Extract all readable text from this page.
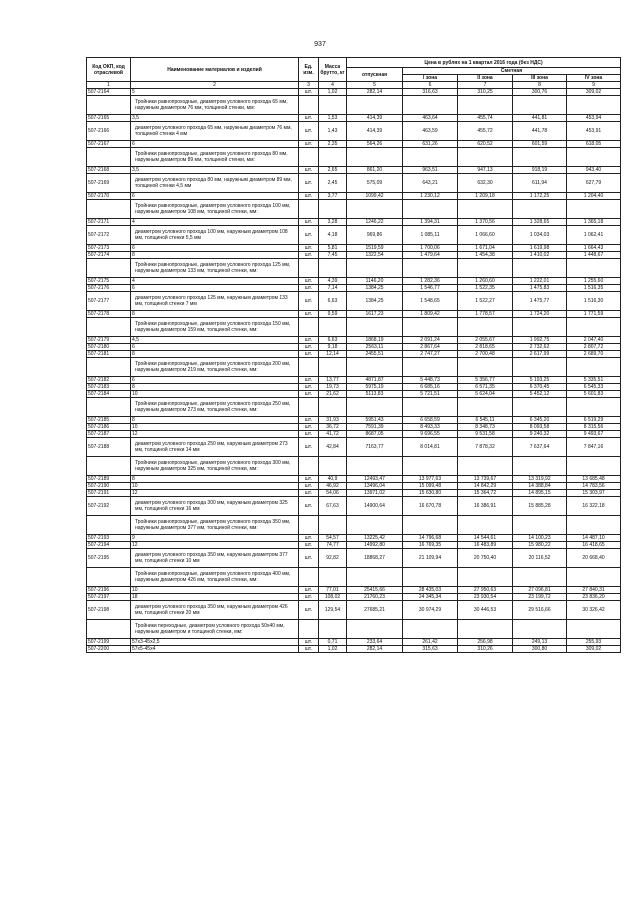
937
Код ОКП, код отраслевой	Наименование материалов и изделий	Ед. изм.	Масса брутто, кг	Цена в рублях на 1 квартал 2016 года (без НДС)				
				отпускная	Сметная			
					I зона	II зона	III зона	IV зона
1	2	3	4	5	6	7	8	9
507-2164	5	шт.	1,02	282,14	316,63	310,25	300,76	309,02
	Тройники равнопроходные, диаметром условного прохода 65 мм, наружным диаметром 76 мм, толщиной стенки, мм:							
507-2165	3,5	шт.	1,53	414,39	463,64	455,74	441,81	453,94
507-2166	диаметром условного прохода 65 мм, наружным диаметром 76 мм, толщиной стенки 4 мм	шт.	1,43	414,39	463,59	455,72	441,78	453,91
507-2167	6	шт.	2,35	564,26	631,26	620,52	601,59	618,05
	Тройники равнопроходные, диаметром условного прохода 80 мм, наружным диаметром 89 мм, толщиной стенки, мм:							
507-2168	3,5	шт.	2,65	861,20	963,51	947,13	918,19	943,40
507-2169	диаметром условного прохода 80 мм, наружным диаметром 89 мм, толщиной стенки 4,5 мм	шт.	2,45	575,09	643,21	632,30	611,94	627,79
507-2170	6	шт.	3,77	1099,42	1 230,12	1 209,18	1 172,25	1 204,40
	Тройники равнопроходные, диаметром условного прохода 100 мм, наружным диаметром 108 мм, толщиной стенки, мм:							
507-2171	4	шт.	3,28	1246,22	1 394,31	1 370,56	1 328,65	1 365,18
507-2172	диаметром условного прохода 100 мм, наружным диаметром 108 мм, толщиной стенки 5,5 мм	шт.	4,18	969,86	1 085,11	1 066,60	1 034,03	1 062,41
507-2173	6	шт.	5,81	1519,59	1 700,06	1 671,04	1 619,98	1 664,43
507-2174	8	шт.	7,45	1322,54	1 479,64	1 454,38	1 410,02	1 448,67
	Тройники равнопроходные, диаметром условного прохода 125 мм, наружным диаметром 133 мм, толщиной стенки, мм:							
507-2175	4	шт.	4,39	1146,20	1 282,36	1 260,60	1 222,01	1 255,60
507-2176	6	шт.	7,14	1384,25	1 546,77	1 522,35	1 475,83	1 516,35
507-2177	диаметром условного прохода 125 мм, наружным диаметром 133 мм, толщиной стенки 7 мм	шт.	6,63	1384,25	1 548,65	1 522,27	1 475,77	1 516,30
507-2178	8	шт.	9,59	1617,23	1 809,42	1 778,57	1 724,20	1 771,59
	Тройники равнопроходные, диаметром условного прохода 150 мм, наружным диаметром 159 мм, толщиной стенки, мм:							
507-2179	4,5	шт.	6,63	1868,19	2 091,24	2 055,67	1 992,75	2 047,40
507-2180	6	шт.	9,18	2563,11	2 867,64	2 818,65	2 732,62	2 807,72
507-2181	8	шт.	12,14	2455,51	2 747,27	2 700,48	2 617,99	2 689,70
	Тройники равнопроходные, диаметром условного прохода 200 мм, наружным диаметром 219 мм, толщиной стенки, мм:							
507-2182	6	шт.	13,77	4871,87	5 448,73	5 356,77	5 193,25	5 335,51
507-2183	8	шт.	19,73	5975,19	6 685,16	6 571,35	6 370,45	6 545,33
507-2184	10	шт.	21,62	5113,83	5 721,51	5 624,04	5 452,12	5 601,83
	Тройники равнопроходные, диаметром условного прохода 250 мм, наружным диаметром 273 мм, толщиной стенки, мм:							
507-2185	8	шт.	31,93	5951,43	6 658,59	6 545,11	6 345,20	6 519,29
507-2186	10	шт.	36,72	7591,39	8 493,33	8 348,73	8 093,58	8 315,56
507-2187	12	шт.	41,72	8687,05	9 696,55	9 531,58	9 240,32	9 493,67
507-2188	диаметром условного прохода 250 мм, наружным диаметром 273 мм, толщиной стенки 14 мм	шт.	42,84	7163,77	8 014,81	7 878,32	7 637,64	7 847,16
	Тройники равнопроходные, диаметром условного прохода 300 мм, наружным диаметром 325 мм, толщиной стенки, мм:							
507-2189	8	шт.	40,9	12493,47	13 977,63	13 739,67	13 319,92	13 685,48
507-2190	10	шт.	46,92	13496,04	15 099,48	14 842,29	14 388,84	14 783,56
507-2191	12	шт.	54,06	13971,02	15 630,80	15 364,72	14 895,15	15 303,97
507-2192	диаметром условного прохода 300 мм, наружным диаметром 325 мм, толщиной стенки 16 мм	шт.	67,63	14900,64	16 670,78	16 386,91	15 885,28	16 322,18
	Тройники равнопроходные, диаметром условного прохода 350 мм, наружным диаметром 377 мм, толщиной стенки, мм:							
507-2193	9	шт.	54,57	13225,42	14 796,68	14 544,61	14 100,23	14 487,10
507-2194	12	шт.	74,77	14992,80	16 769,35	16 483,89	15 980,22	16 418,65
507-2195	диаметром условного прохода 350 мм, наружным диаметром 377 мм, толщиной стенки 10 мм	шт.	92,82	18868,27	21 109,94	20 750,40	20 116,52	20 668,40
	Тройники равнопроходные, диаметром условного прохода 400 мм, наружным диаметром 426 мм, толщиной стенки, мм:							
507-2196	10	шт.	77,01	25415,66	28 435,03	27 950,63	27 096,81	27 840,31
507-2197	18	шт.	108,02	21760,23	24 345,34	23 930,54	23 199,72	23 836,20
507-2198	диаметром условного прохода 350 мм, наружным диаметром 426 мм, толщиной стенки 20 мм	шт.	129,54	27685,21	30 974,29	30 446,53	29 516,66	30 326,42
	Тройники переходные, диаметром условного прохода 50х40 мм, наружным диаметром и толщиной стенки, мм:							
507-2199	57х3-45х2,5	шт.	0,71	233,64	261,42	256,98	249,13	255,93
507-2200	57х5-45х4	шт.	1,02	282,14	315,63	310,26	300,80	309,02
